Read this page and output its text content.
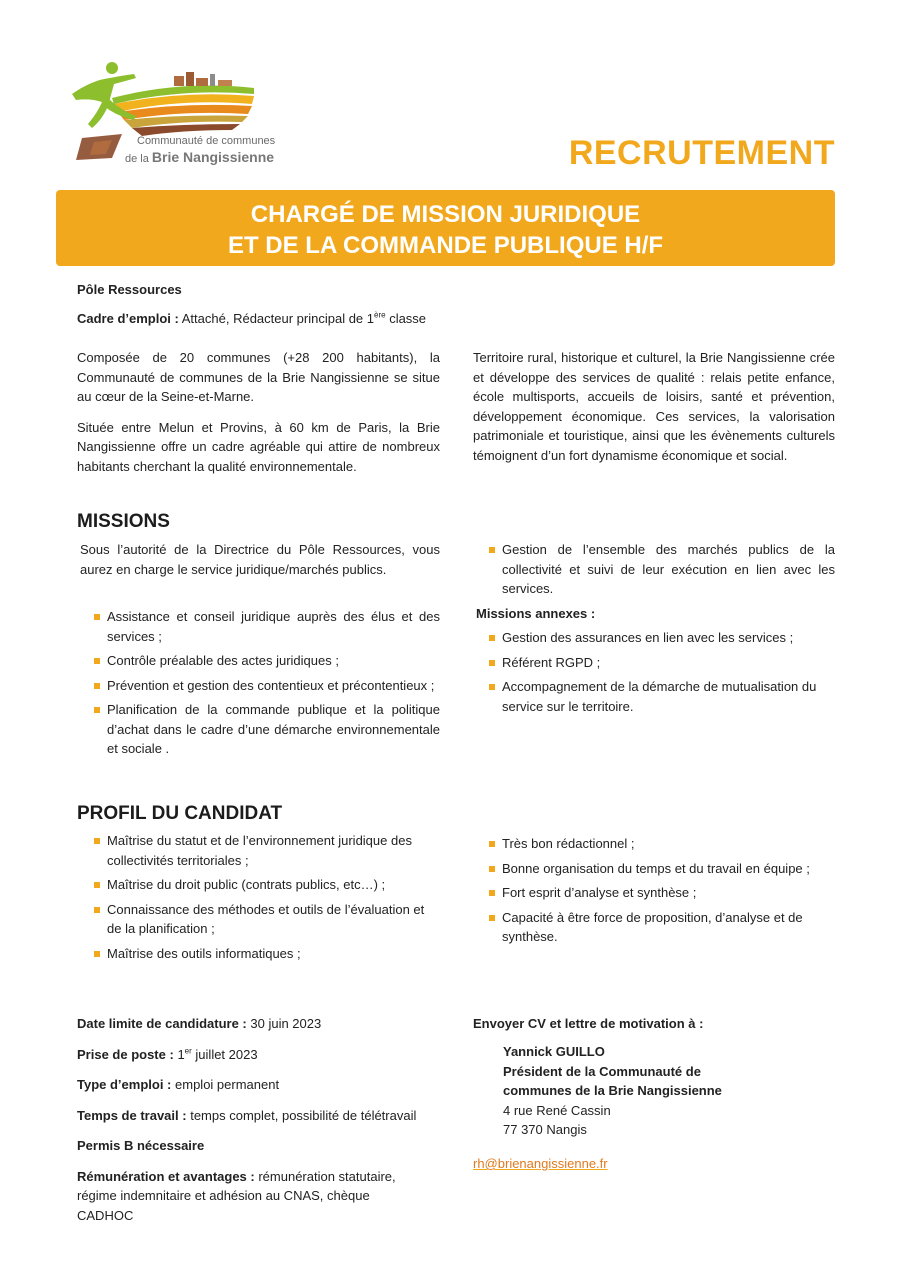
Communauté de communes
de la Brie Nangissienne	RECRUTEMENT
CHARGÉ DE MISSION JURIDIQUE
ET DE LA COMMANDE PUBLIQUE H/F
Pôle Ressources
Cadre d’emploi : Attaché, Rédacteur principal de 1ère classe

Composée de 20 communes (+28 200 habitants), la Communauté de communes de la Brie Nangissienne se situe au cœur de la Seine-et-Marne.

Située entre Melun et Provins, à 60 km de Paris, la Brie Nangissienne offre un cadre agréable qui attire de nombreux habitants cherchant la qualité environnementale.

Territoire rural, historique et culturel, la Brie Nangissienne crée et développe des services de qualité : relais petite enfance, école multisports, accueils de loisirs, santé et prévention, développement économique. Ces services, la valorisation patrimoniale et touristique, ainsi que les évènements culturels témoignent d’un fort dynamisme économique et social.

MISSIONS
Sous l’autorité de la Directrice du Pôle Ressources, vous aurez en charge le service juridique/marchés publics.
Assistance et conseil juridique auprès des élus et des services ;
Contrôle préalable des actes juridiques ;
Prévention et gestion des contentieux et précontentieux ;
Planification de la commande publique et la politique d’achat dans le cadre d’une démarche environnementale et sociale .
Gestion de l’ensemble des marchés publics de la collectivité et suivi de leur exécution en lien avec les services.
Missions annexes :
Gestion des assurances en lien avec les services ;
Référent RGPD ;
Accompagnement de la démarche de mutualisation du service sur le territoire.
PROFIL DU CANDIDAT
Maîtrise du statut et de l’environnement juridique des collectivités territoriales ;
Maîtrise du droit public (contrats publics, etc…) ;
Connaissance des méthodes et outils de l’évaluation et de la planification ;
Maîtrise des outils informatiques ;
Très bon rédactionnel ;
Bonne organisation du temps et du travail en équipe ;
Fort esprit d’analyse et synthèse ;
Capacité à être force de proposition, d’analyse et de synthèse.

Date limite de candidature : 30 juin 2023

Prise de poste : 1er juillet 2023

Type d’emploi : emploi permanent

Temps de travail : temps complet, possibilité de télétravail

Permis B nécessaire

Rémunération et avantages : rémunération statutaire, régime indemnitaire et adhésion au CNAS, chèque CADHOC

Envoyer CV et lettre de motivation à :
Yannick GUILLO
Président de la Communauté de
communes de la Brie Nangissienne
4 rue René Cassin
77 370 Nangis
rh@brienangissienne.fr
